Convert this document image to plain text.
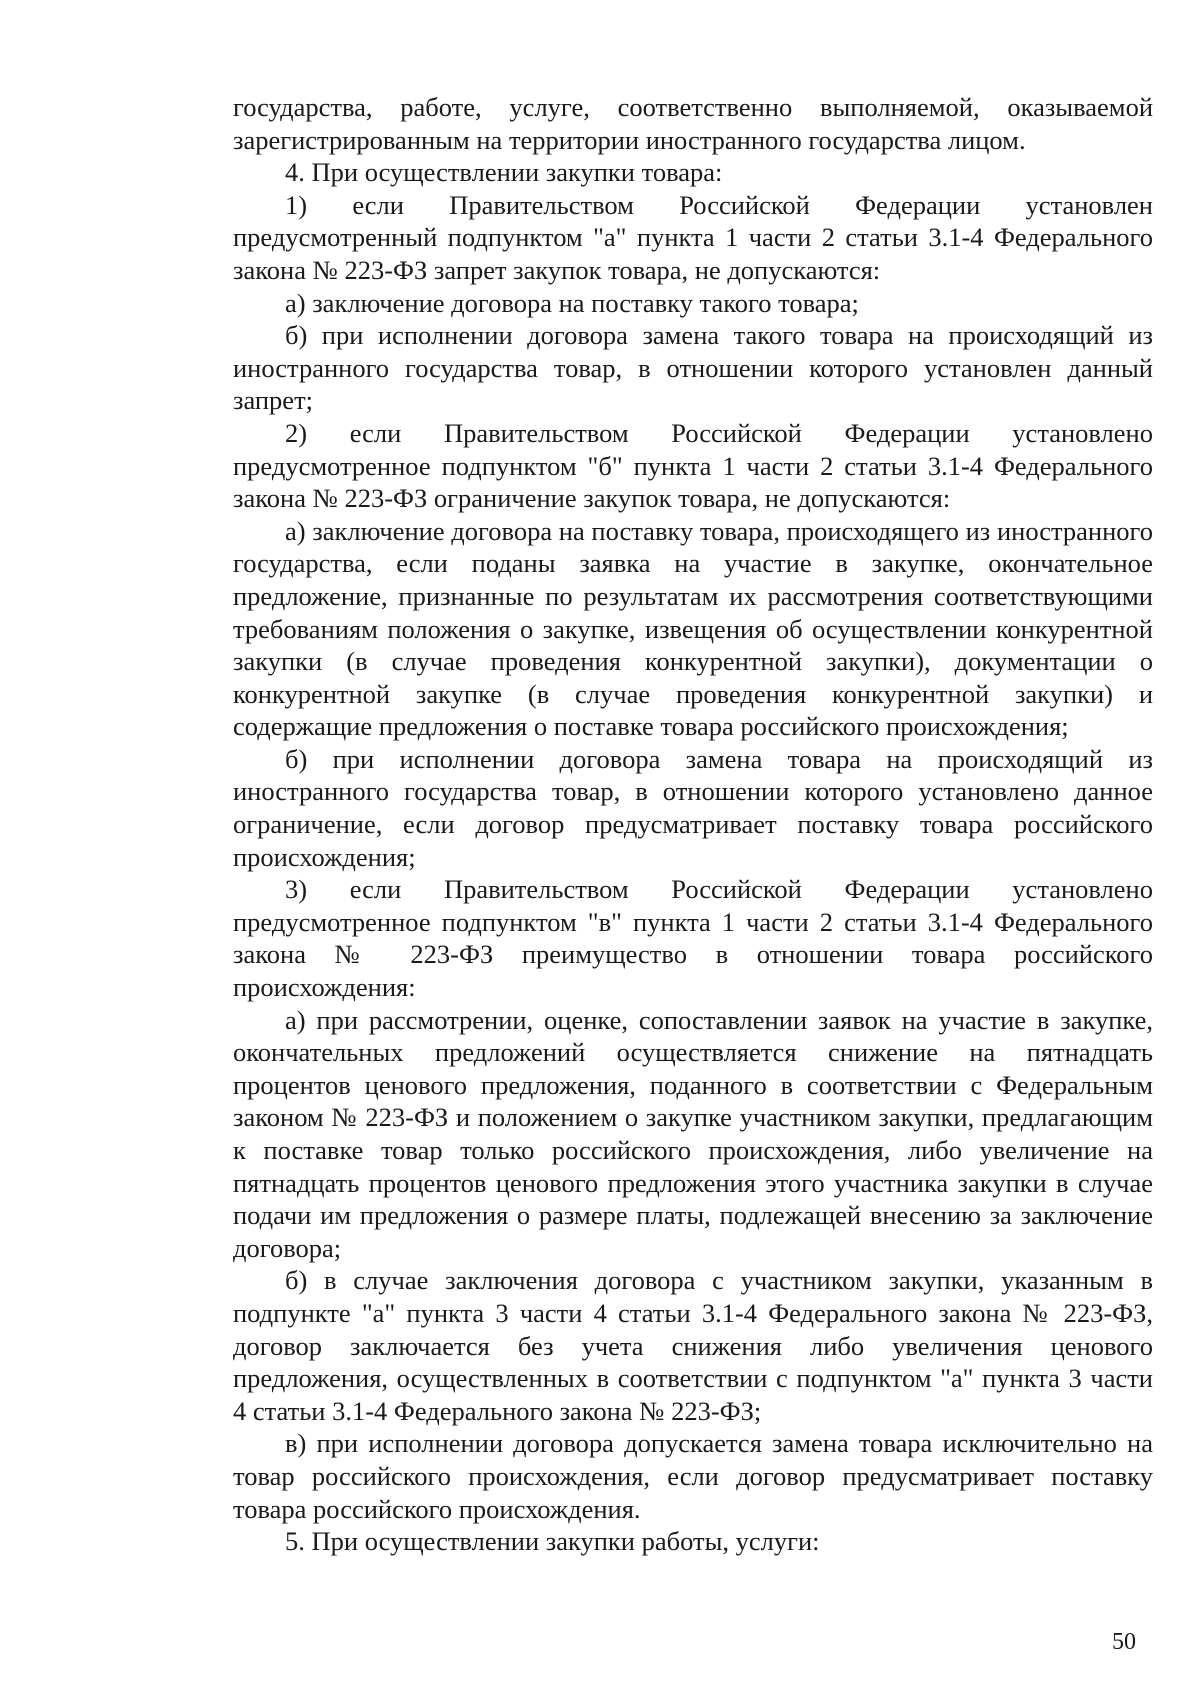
государства, работе, услуге, соответственно выполняемой, оказываемой зарегистрированным на территории иностранного государства лицом.

4. При осуществлении закупки товара:

1) если Правительством Российской Федерации установлен предусмотренный подпунктом "а" пункта 1 части 2 статьи 3.1-4 Федерального закона № 223-ФЗ запрет закупок товара, не допускаются:

а) заключение договора на поставку такого товара;

б) при исполнении договора замена такого товара на происходящий из иностранного государства товар, в отношении которого установлен данный запрет;

2) если Правительством Российской Федерации установлено предусмотренное подпунктом "б" пункта 1 части 2 статьи 3.1-4 Федерального закона № 223-ФЗ ограничение закупок товара, не допускаются:

а) заключение договора на поставку товара, происходящего из иностранного государства, если поданы заявка на участие в закупке, окончательное предложение, признанные по результатам их рассмотрения соответствующими требованиям положения о закупке, извещения об осуществлении конкурентной закупки (в случае проведения конкурентной закупки), документации о конкурентной закупке (в случае проведения конкурентной закупки) и содержащие предложения о поставке товара российского происхождения;

б) при исполнении договора замена товара на происходящий из иностранного государства товар, в отношении которого установлено данное ограничение, если договор предусматривает поставку товара российского происхождения;

3) если Правительством Российской Федерации установлено предусмотренное подпунктом "в" пункта 1 части 2 статьи 3.1-4 Федерального закона № 223-ФЗ преимущество в отношении товара российского происхождения:

а) при рассмотрении, оценке, сопоставлении заявок на участие в закупке, окончательных предложений осуществляется снижение на пятнадцать процентов ценового предложения, поданного в соответствии с Федеральным законом № 223-ФЗ и положением о закупке участником закупки, предлагающим к поставке товар только российского происхождения, либо увеличение на пятнадцать процентов ценового предложения этого участника закупки в случае подачи им предложения о размере платы, подлежащей внесению за заключение договора;

б) в случае заключения договора с участником закупки, указанным в подпункте "а" пункта 3 части 4 статьи 3.1-4 Федерального закона № 223-ФЗ, договор заключается без учета снижения либо увеличения ценового предложения, осуществленных в соответствии с подпунктом "а" пункта 3 части 4 статьи 3.1-4 Федерального закона № 223-ФЗ;

в) при исполнении договора допускается замена товара исключительно на товар российского происхождения, если договор предусматривает поставку товара российского происхождения.

5. При осуществлении закупки работы, услуги:

50
